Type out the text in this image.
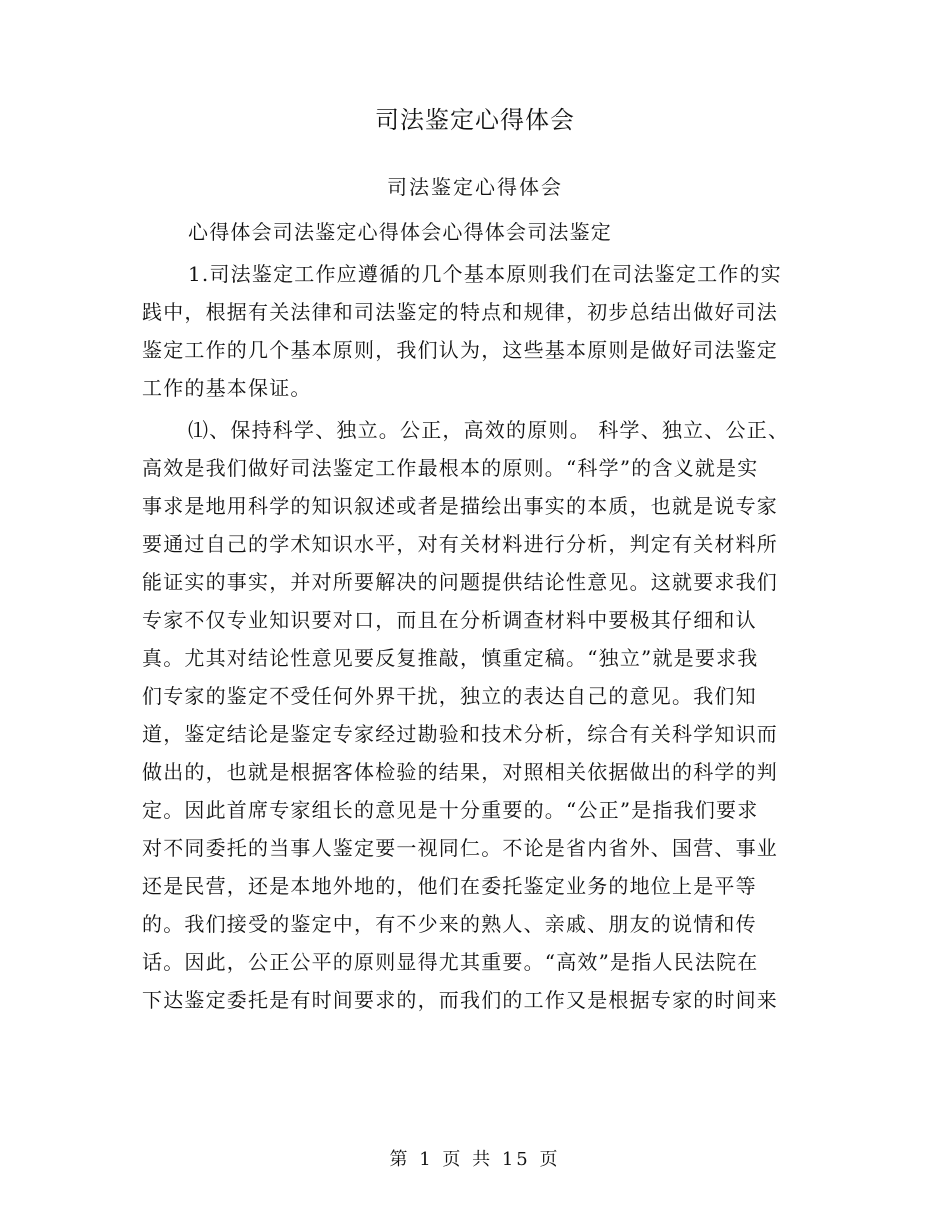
司法鉴定心得体会
司法鉴定心得体会
心得体会司法鉴定心得体会心得体会司法鉴定
1.司法鉴定工作应遵循的几个基本原则我们在司法鉴定工作的实
践中，根据有关法律和司法鉴定的特点和规律，初步总结出做好司法
鉴定工作的几个基本原则，我们认为，这些基本原则是做好司法鉴定
工作的基本保证。
⑴、保持科学、独立。公正，高效的原则。 科学、独立、公正、
高效是我们做好司法鉴定工作最根本的原则。“科学”的含义就是实
事求是地用科学的知识叙述或者是描绘出事实的本质，也就是说专家
要通过自己的学术知识水平，对有关材料进行分析，判定有关材料所
能证实的事实，并对所要解决的问题提供结论性意见。这就要求我们
专家不仅专业知识要对口，而且在分析调查材料中要极其仔细和认
真。尤其对结论性意见要反复推敲，慎重定稿。“独立”就是要求我
们专家的鉴定不受任何外界干扰，独立的表达自己的意见。我们知
道，鉴定结论是鉴定专家经过勘验和技术分析，综合有关科学知识而
做出的，也就是根据客体检验的结果，对照相关依据做出的科学的判
定。因此首席专家组长的意见是十分重要的。“公正”是指我们要求
对不同委托的当事人鉴定要一视同仁。不论是省内省外、国营、事业
还是民营，还是本地外地的，他们在委托鉴定业务的地位上是平等
的。我们接受的鉴定中，有不少来的熟人、亲戚、朋友的说情和传
话。因此，公正公平的原则显得尤其重要。“高效”是指人民法院在
下达鉴定委托是有时间要求的，而我们的工作又是根据专家的时间来
第 1 页 共 15 页
